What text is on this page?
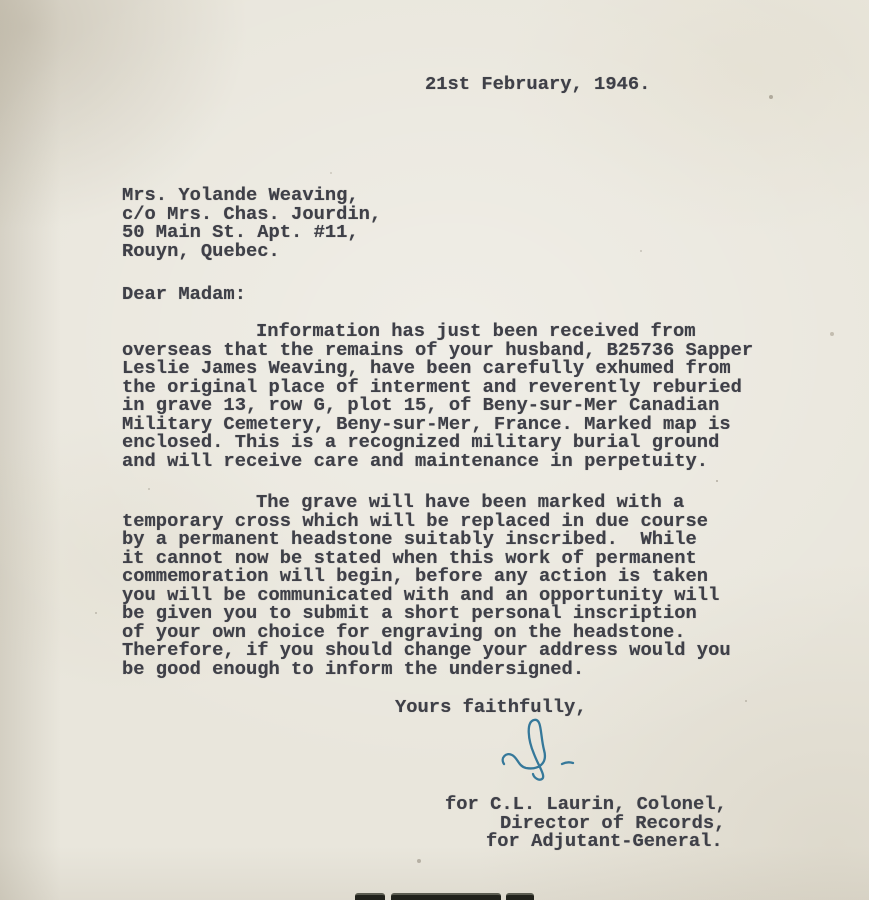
21st February, 1946.
Mrs. Yolande Weaving,
c/o Mrs. Chas. Jourdin,
50 Main St. Apt. #11,
Rouyn, Quebec.
Dear Madam:
Information has just been received from
overseas that the remains of your husband, B25736 Sapper
Leslie James Weaving, have been carefully exhumed from
the original place of interment and reverently reburied
in grave 13, row G, plot 15, of Beny-sur-Mer Canadian
Military Cemetery, Beny-sur-Mer, France. Marked map is
enclosed. This is a recognized military burial ground
and will receive care and maintenance in perpetuity.
The grave will have been marked with a
temporary cross which will be replaced in due course
by a permanent headstone suitably inscribed.  While
it cannot now be stated when this work of permanent
commemoration will begin, before any action is taken
you will be communicated with and an opportunity will
be given you to submit a short personal inscription
of your own choice for engraving on the headstone.
Therefore, if you should change your address would you
be good enough to inform the undersigned.
Yours faithfully,
for C.L. Laurin, Colonel,
Director of Records,
for Adjutant-General.
